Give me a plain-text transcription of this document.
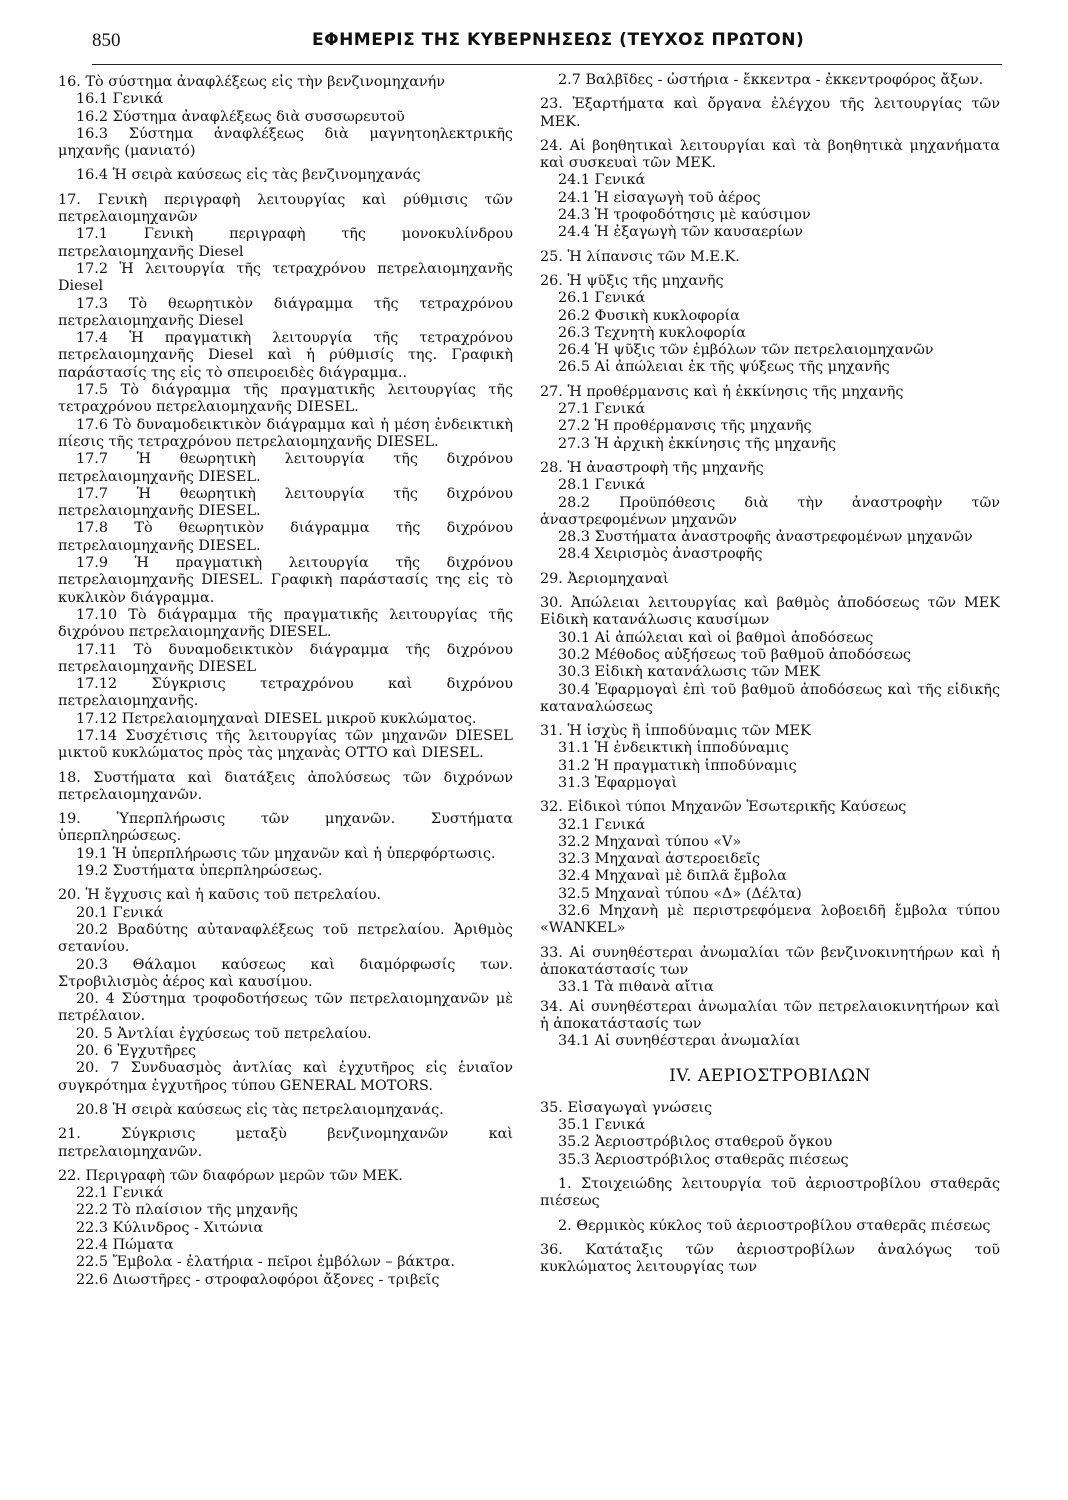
850	ΕΦΗΜΕΡΙΣ ΤΗΣ ΚΥΒΕΡΝΗΣΕΩΣ (ΤΕΥΧΟΣ ΠΡΩΤΟΝ)

16. Τὸ σύστημα ἀναφλέξεως εἰς τὴν βενζινομηχανήν

16.1 Γενικά

16.2 Σύστημα ἀναφλέξεως διὰ συσσωρευτοῦ

16.3 Σύστημα ἀναφλέξεως διὰ μαγνητοηλεκτρικῆς μηχανῆς (μανιατό)

16.4 Ἡ σειρὰ καύσεως εἰς τὰς βενζινομηχανάς

17. Γενικὴ περιγραφὴ λειτουργίας καὶ ρύθμισις τῶν πετρελαιομηχανῶν

17.1 Γενικὴ περιγραφὴ τῆς μονοκυλίνδρου πετρελαιομηχανῆς Diesel

17.2 Ἡ λειτουργία τῆς τετραχρόνου πετρελαιομηχανῆς Diesel

17.3 Τὸ θεωρητικὸν διάγραμμα τῆς τετραχρόνου πετρελαιομηχανῆς Diesel

17.4 Ἡ πραγματικὴ λειτουργία τῆς τετραχρόνου πετρελαιομηχανῆς Diesel καὶ ἡ ρύθμισίς της. Γραφικὴ παράστασίς της εἰς τὸ σπειροειδὲς διάγραμμα..

17.5 Τὸ διάγραμμα τῆς πραγματικῆς λειτουργίας τῆς τετραχρόνου πετρελαιομηχανῆς DIESEL.

17.6 Τὸ δυναμοδεικτικὸν διάγραμμα καὶ ἡ μέση ἐνδεικτικὴ πίεσις τῆς τετραχρόνου πετρελαιομηχανῆς DIESEL.

17.7 Ἡ θεωρητικὴ λειτουργία τῆς διχρόνου πετρελαιομηχανῆς DIESEL.

17.7 Ἡ θεωρητικὴ λειτουργία τῆς διχρόνου πετρελαιομηχανῆς DIESEL.

17.8 Τὸ θεωρητικὸν διάγραμμα τῆς διχρόνου πετρελαιομηχανῆς DIESEL.

17.9 Ἡ πραγματικὴ λειτουργία τῆς διχρόνου πετρελαιομηχανῆς DIESEL. Γραφικὴ παράστασίς της εἰς τὸ κυκλικὸν διάγραμμα.

17.10 Τὸ διάγραμμα τῆς πραγματικῆς λειτουργίας τῆς διχρόνου πετρελαιομηχανῆς DIESEL.

17.11 Τὸ δυναμοδεικτικὸν διάγραμμα τῆς διχρόνου πετρελαιομηχανῆς DIESEL

17.12 Σύγκρισις τετραχρόνου καὶ διχρόνου πετρελαιομηχανῆς.

17.12 Πετρελαιομηχαναὶ DIESEL μικροῦ κυκλώματος.

17.14 Συσχέτισις τῆς λειτουργίας τῶν μηχανῶν DIESEL μικτοῦ κυκλώματος πρὸς τὰς μηχανὰς OTTO καὶ DIESEL.

18. Συστήματα καὶ διατάξεις ἀπολύσεως τῶν διχρόνων πετρελαιομηχανῶν.

19. Ὑπερπλήρωσις τῶν μηχανῶν. Συστήματα ὑπερπληρώσεως.

19.1 Ἡ ὑπερπλήρωσις τῶν μηχανῶν καὶ ἡ ὑπερφόρτωσις.

19.2 Συστήματα ὑπερπληρώσεως.

20. Ἡ ἔγχυσις καὶ ἡ καῦσις τοῦ πετρελαίου.

20.1 Γενικά

20.2 Βραδύτης αὐταναφλέξεως τοῦ πετρελαίου. Ἀριθμὸς σετανίου.

20.3 Θάλαμοι καύσεως καὶ διαμόρφωσίς των. Στροβιλισμὸς ἀέρος καὶ καυσίμου.

20. 4 Σύστημα τροφοδοτήσεως τῶν πετρελαιομηχανῶν μὲ πετρέλαιον.

20. 5 Ἀντλίαι ἐγχύσεως τοῦ πετρελαίου.

20. 6 Ἐγχυτῆρες

20. 7 Συνδυασμὸς ἀντλίας καὶ ἐγχυτῆρος εἰς ἑνιαῖον συγκρότημα ἐγχυτῆρος τύπου GENERAL MOTORS.

20.8 Ἡ σειρὰ καύσεως εἰς τὰς πετρελαιομηχανάς.

21. Σύγκρισις μεταξὺ βενζινομηχανῶν καὶ πετρελαιομηχανῶν.

22. Περιγραφὴ τῶν διαφόρων μερῶν τῶν ΜΕΚ.

22.1 Γενικά

22.2 Τὸ πλαίσιον τῆς μηχανῆς

22.3 Κύλινδρος - Χιτώνια

22.4 Πώματα

22.5 Ἔμβολα - ἐλατήρια - πεῖροι ἐμβόλων – βάκτρα.

22.6 Διωστῆρες - στροφαλοφόροι ἄξονες - τριβεῖς

2.7 Βαλβῖδες - ὠστήρια - ἔκκεντρα - ἐκκεντροφόρος ἄξων.

23. Ἐξαρτήματα καὶ ὄργανα ἐλέγχου τῆς λειτουργίας τῶν ΜΕΚ.

24. Αἱ βοηθητικαὶ λειτουργίαι καὶ τὰ βοηθητικὰ μηχανήματα καὶ συσκευαὶ τῶν ΜΕΚ.

24.1 Γενικά

24.1 Ἡ εἰσαγωγὴ τοῦ ἀέρος

24.3 Ἡ τροφοδότησις μὲ καύσιμον

24.4 Ἡ ἐξαγωγὴ τῶν καυσαερίων

25. Ἡ λίπανσις τῶν Μ.Ε.Κ.

26. Ἡ ψῦξις τῆς μηχανῆς

26.1 Γενικά

26.2 Φυσικὴ κυκλοφορία

26.3 Τεχνητὴ κυκλοφορία

26.4 Ἡ ψῦξις τῶν ἐμβόλων τῶν πετρελαιομηχανῶν

26.5 Αἱ ἀπώλειαι ἐκ τῆς ψύξεως τῆς μηχανῆς

27. Ἡ προθέρμανσις καὶ ἡ ἐκκίνησις τῆς μηχανῆς

27.1 Γενικά

27.2 Ἡ προθέρμανσις τῆς μηχανῆς

27.3 Ἡ ἀρχικὴ ἐκκίνησις τῆς μηχανῆς

28. Ἡ ἀναστροφὴ τῆς μηχανῆς

28.1 Γενικά

28.2 Προϋπόθεσις διὰ τὴν ἀναστροφὴν τῶν ἀναστρεφομένων μηχανῶν

28.3 Συστήματα ἀναστροφῆς ἀναστρεφομένων μηχανῶν

28.4 Χειρισμὸς ἀναστροφῆς

29. Ἀεριομηχαναὶ

30. Ἀπώλειαι λειτουργίας καὶ βαθμὸς ἀποδόσεως τῶν ΜΕΚ Εἰδικὴ κατανάλωσις καυσίμων

30.1 Αἱ ἀπώλειαι καὶ οἱ βαθμοὶ ἀποδόσεως

30.2 Μέθοδος αὐξήσεως τοῦ βαθμοῦ ἀποδόσεως

30.3 Εἰδικὴ κατανάλωσις τῶν ΜΕΚ

30.4 Ἐφαρμογαὶ ἐπὶ τοῦ βαθμοῦ ἀποδόσεως καὶ τῆς εἰδικῆς καταναλώσεως

31. Ἡ ἰσχὺς ἢ ἱπποδύναμις τῶν ΜΕΚ

31.1 Ἡ ἐνδεικτικὴ ἱπποδύναμις

31.2 Ἡ πραγματικὴ ἱπποδύναμις

31.3 Ἐφαρμογαὶ

32. Εἰδικοὶ τύποι Μηχανῶν Ἐσωτερικῆς Καύσεως

32.1 Γενικά

32.2 Μηχαναὶ τύπου «V»

32.3 Μηχαναὶ ἀστεροειδεῖς

32.4 Μηχαναὶ μὲ διπλᾶ ἔμβολα

32.5 Μηχαναὶ τύπου «Δ» (Δέλτα)

32.6 Μηχανὴ μὲ περιστρεφόμενα λοβοειδῆ ἔμβολα τύπου «WANKEL»

33. Αἱ συνηθέστεραι ἀνωμαλίαι τῶν βενζινοκινητήρων καὶ ἡ ἀποκατάστασίς των

33.1 Τὰ πιθανὰ αἴτια

34. Αἱ συνηθέστεραι ἀνωμαλίαι τῶν πετρελαιοκινητήρων καὶ ἡ ἀποκατάστασίς των

34.1 Αἱ συνηθέστεραι ἀνωμαλίαι

IV. ΑΕΡΙΟΣΤΡΟΒΙΛΩΝ

35. Εἰσαγωγαὶ γνώσεις

35.1 Γενικά

35.2 Ἀεριοστρόβιλος σταθεροῦ ὄγκου

35.3 Ἀεριοστρόβιλος σταθερᾶς πιέσεως

1. Στοιχειώδης λειτουργία τοῦ ἀεριοστροβίλου σταθερᾶς πιέσεως

2. Θερμικὸς κύκλος τοῦ ἀεριοστροβίλου σταθερᾶς πιέσεως

36. Κατάταξις τῶν ἀεριοστροβίλων ἀναλόγως τοῦ κυκλώματος λειτουργίας των
